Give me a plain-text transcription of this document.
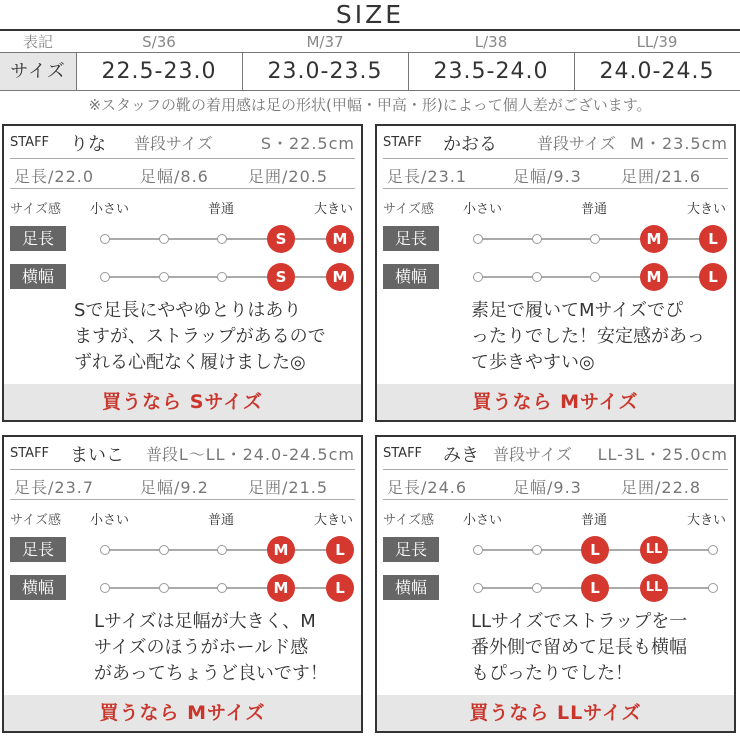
SIZE
表記	S/36	M/37	L/38	LL/39
サイズ	22.5-23.0	23.0-23.5	23.5-24.0	24.0-24.5
※スタッフの靴の着用感は足の形状(甲幅・甲高・形)によって個人差がございます。
STAFF りな 普段サイズ	S・22.5cm
足長/22.0	足幅/8.6 足囲/20.5
サイズ感 小さい	普通	大きい
足長	S	M
横幅	S	M
Sで足長にややゆとりはあり
ますが、ストラップがあるので
ずれる心配なく履けました◎
買うなら Sサイズ
STAFF かおる	普段サイズ M・23.5cm
足長/23.1	足幅/9.3 足囲/21.6
サイズ感 小さい	普通	大きい
足長	M	L
横幅	M	L
素足で履いてMサイズでぴ
ったりでした！安定感があっ
て歩きやすい◎
買うなら Mサイズ
STAFF まいこ 普段 L〜LL・24.0-24.5cm
足長/23.7	足幅/9.2 足囲/21.5
サイズ感 小さい	普通	大きい
足長	M	L
横幅	M	L
Lサイズは足幅が大きく、M
サイズのほうがホールド感
があってちょうど良いです！
買うなら Mサイズ
STAFF みき 普段サイズ LL-3L・25.0cm
足長/24.6	足幅/9.3 足囲/22.8
サイズ感 小さい	普通	大きい
足長	L	LL
横幅	L	LL
LLサイズでストラップを一
番外側で留めて足長も横幅
もぴったりでした！
買うなら LLサイズ
